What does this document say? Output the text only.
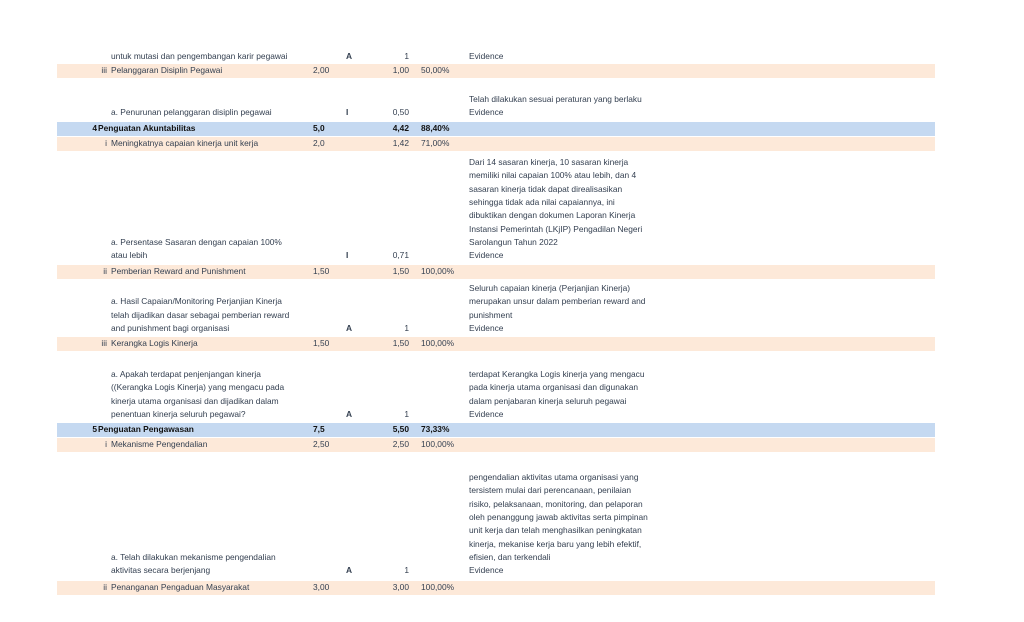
untuk mutasi dan pengembangan karir pegawai	A	1	Evidence
iii Pelanggaran Disiplin Pegawai	2,00	1,00 50,00%
a. Penurunan pelanggaran disiplin pegawai	I	0,50
Telah dilakukan sesuai peraturan yang berlaku
Evidence
4 Penguatan Akuntabilitas	5,0	4,42 88,40%
i Meningkatnya capaian kinerja unit kerja	2,0	1,42 71,00%
a. Persentase Sasaran dengan capaian 100%
atau lebih	I	0,71
Dari 14 sasaran kinerja, 10 sasaran kinerja
memiliki nilai capaian 100% atau lebih, dan 4
sasaran kinerja tidak dapat direalisasikan
sehingga tidak ada nilai capaiannya, ini
dibuktikan dengan dokumen Laporan Kinerja
Instansi Pemerintah (LKjIP) Pengadilan Negeri
Sarolangun Tahun 2022
Evidence
ii Pemberian Reward and Punishment	1,50	1,50 100,00%
a. Hasil Capaian/Monitoring Perjanjian Kinerja
telah dijadikan dasar sebagai pemberian reward
and punishment bagi organisasi	A	1
Seluruh capaian kinerja (Perjanjian Kinerja)
merupakan unsur dalam pemberian reward and
punishment
Evidence
iii Kerangka Logis Kinerja	1,50	1,50 100,00%
a. Apakah terdapat penjenjangan kinerja
((Kerangka Logis Kinerja) yang mengacu pada
kinerja utama organisasi dan dijadikan dalam
penentuan kinerja seluruh pegawai?	A	1
terdapat Kerangka Logis kinerja yang mengacu
pada kinerja utama organisasi dan digunakan
dalam penjabaran kinerja seluruh pegawai
Evidence
5 Penguatan Pengawasan	7,5	5,50 73,33%
i Mekanisme Pengendalian	2,50	2,50 100,00%
a. Telah dilakukan mekanisme pengendalian
aktivitas secara berjenjang	A	1
pengendalian aktivitas utama organisasi yang
tersistem mulai dari perencanaan, penilaian
risiko, pelaksanaan, monitoring, dan pelaporan
oleh penanggung jawab aktivitas serta pimpinan
unit kerja dan telah menghasilkan peningkatan
kinerja, mekanise kerja baru yang lebih efektif,
efisien, dan terkendali
Evidence
ii Penanganan Pengaduan Masyarakat	3,00	3,00 100,00%
